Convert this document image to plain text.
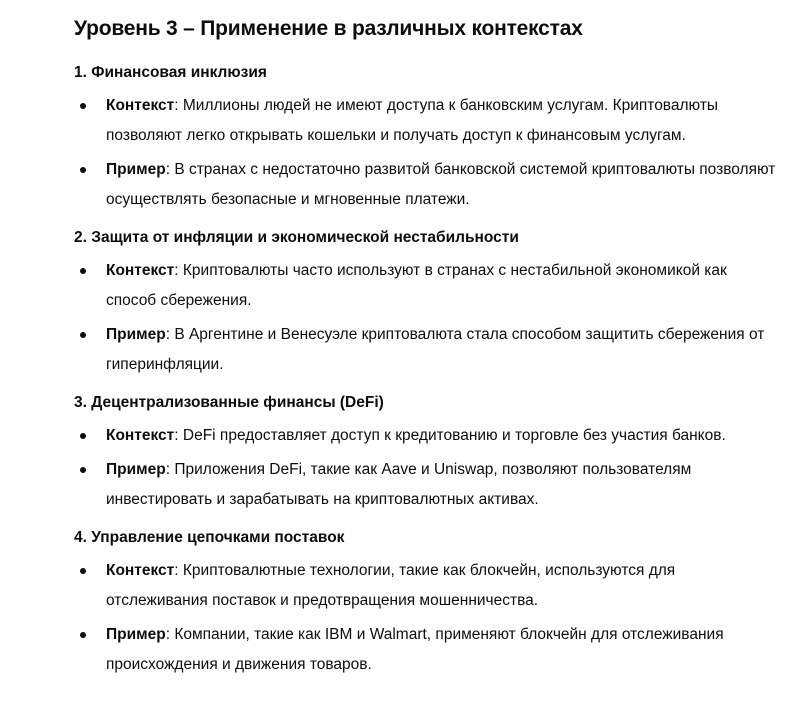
Уровень 3 – Применение в различных контекстах
1. Финансовая инклюзия
Контекст: Миллионы людей не имеют доступа к банковским услугам. Криптовалюты позволяют легко открывать кошельки и получать доступ к финансовым услугам.
Пример: В странах с недостаточно развитой банковской системой криптовалюты позволяют осуществлять безопасные и мгновенные платежи.
2. Защита от инфляции и экономической нестабильности
Контекст: Криптовалюты часто используют в странах с нестабильной экономикой как способ сбережения.
Пример: В Аргентине и Венесуэле криптовалюта стала способом защитить сбережения от гиперинфляции.
3. Децентрализованные финансы (DeFi)
Контекст: DeFi предоставляет доступ к кредитованию и торговле без участия банков.
Пример: Приложения DeFi, такие как Aave и Uniswap, позволяют пользователям инвестировать и зарабатывать на криптовалютных активах.
4. Управление цепочками поставок
Контекст: Криптовалютные технологии, такие как блокчейн, используются для отслеживания поставок и предотвращения мошенничества.
Пример: Компании, такие как IBM и Walmart, применяют блокчейн для отслеживания происхождения и движения товаров.
